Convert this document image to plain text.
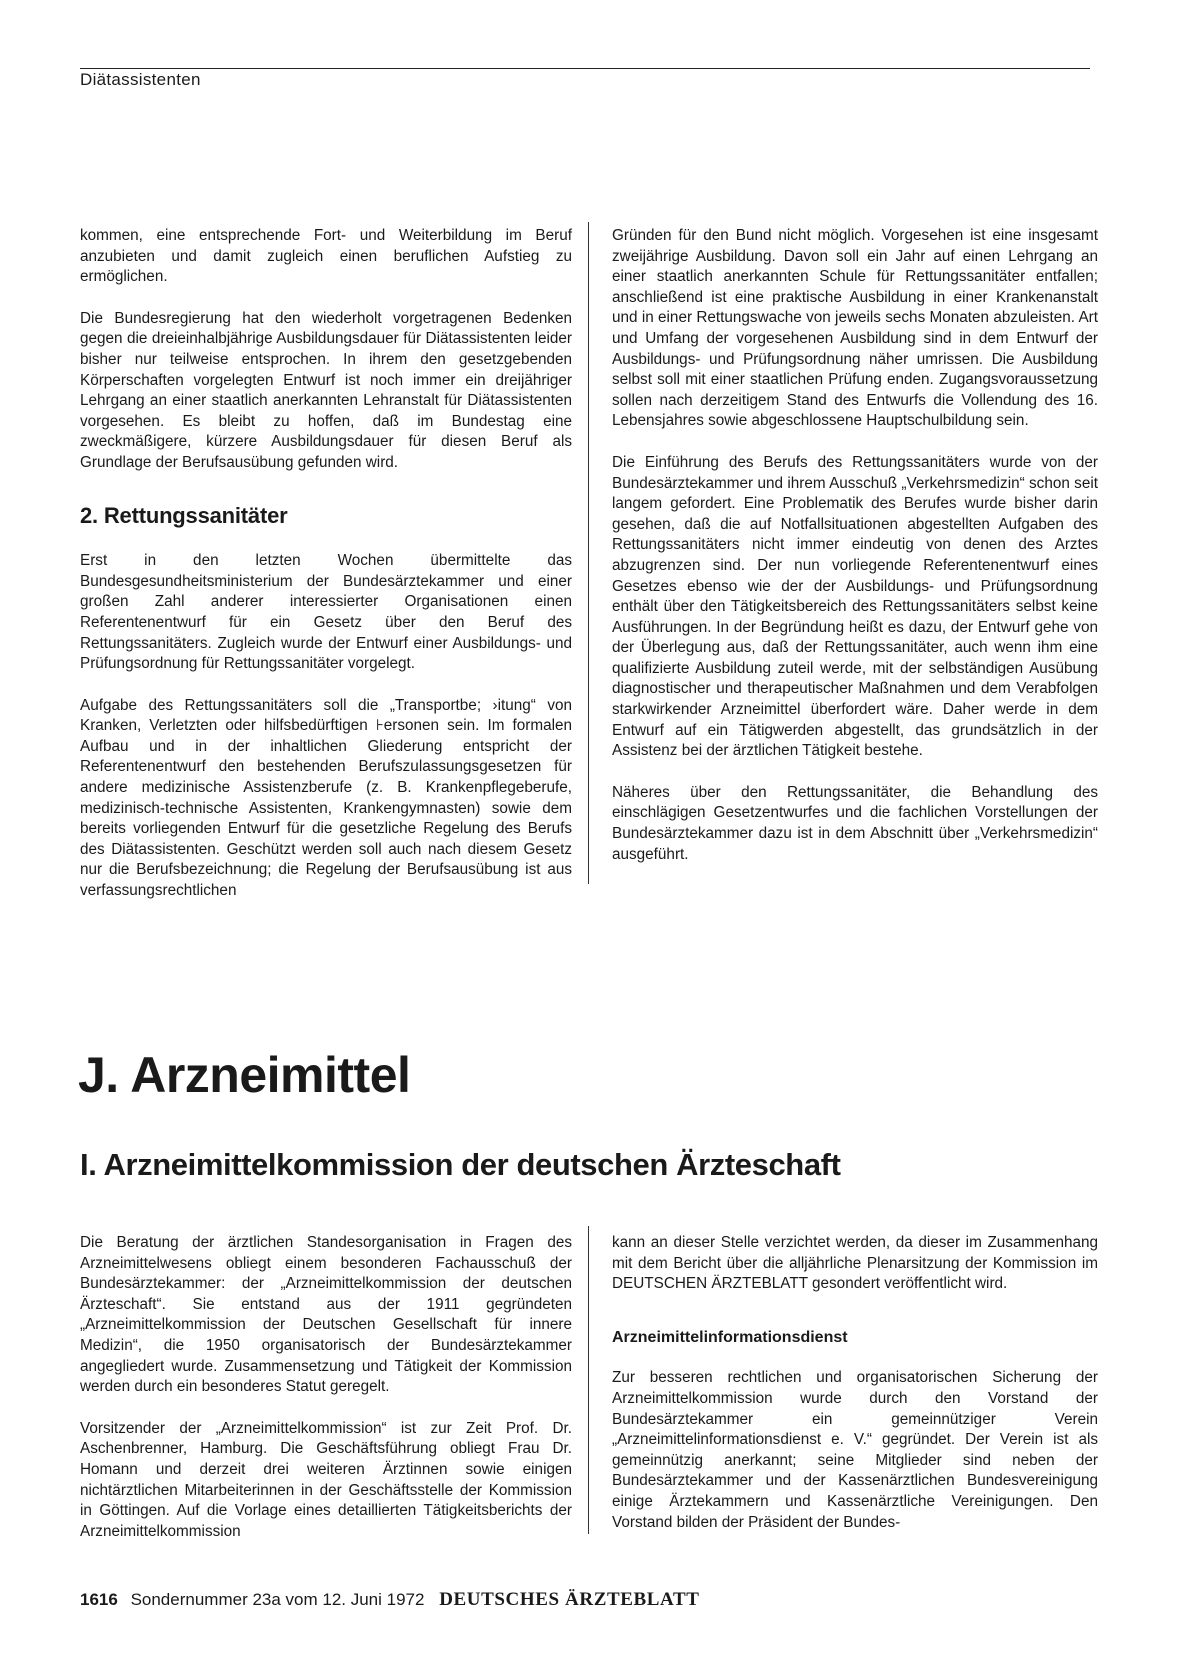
Diätassistenten

kommen, eine entsprechende Fort- und Weiterbildung im Beruf anzubieten und damit zugleich einen beruflichen Aufstieg zu ermöglichen.

Die Bundesregierung hat den wiederholt vorgetragenen Bedenken gegen die dreieinhalbjährige Ausbildungsdauer für Diätassistenten leider bisher nur teilweise entsprochen. In ihrem den gesetzgebenden Körperschaften vorgelegten Entwurf ist noch immer ein dreijähriger Lehrgang an einer staatlich anerkannten Lehranstalt für Diätassistenten vorgesehen. Es bleibt zu hoffen, daß im Bundestag eine zweckmäßigere, kürzere Ausbildungsdauer für diesen Beruf als Grundlage der Berufsausübung gefunden wird.

2. Rettungssanitäter

Erst in den letzten Wochen übermittelte das Bundesgesundheitsministerium der Bundesärztekammer und einer großen Zahl anderer interessierter Organisationen einen Referentenentwurf für ein Gesetz über den Beruf des Rettungssanitäters. Zugleich wurde der Entwurf einer Ausbildungs- und Prüfungsordnung für Rettungssanitäter vorgelegt.

Aufgabe des Rettungssanitäters soll die „Transportbe; ›itung“ von Kranken, Verletzten oder hilfsbedürftigen ⊦ersonen sein. Im formalen Aufbau und in der inhaltlichen Gliederung entspricht der Referentenentwurf den bestehenden Berufszulassungsgesetzen für andere medizinische Assistenzberufe (z. B. Krankenpflegeberufe, medizinisch-technische Assistenten, Krankengymnasten) sowie dem bereits vorliegenden Entwurf für die gesetzliche Regelung des Berufs des Diätassistenten. Geschützt werden soll auch nach diesem Gesetz nur die Berufsbezeichnung; die Regelung der Berufsausübung ist aus verfassungsrechtlichen

Gründen für den Bund nicht möglich. Vorgesehen ist eine insgesamt zweijährige Ausbildung. Davon soll ein Jahr auf einen Lehrgang an einer staatlich anerkannten Schule für Rettungssanitäter entfallen; anschließend ist eine praktische Ausbildung in einer Krankenanstalt und in einer Rettungswache von jeweils sechs Monaten abzuleisten. Art und Umfang der vorgesehenen Ausbildung sind in dem Entwurf der Ausbildungs- und Prüfungsordnung näher umrissen. Die Ausbildung selbst soll mit einer staatlichen Prüfung enden. Zugangsvoraussetzung sollen nach derzeitigem Stand des Entwurfs die Vollendung des 16. Lebensjahres sowie abgeschlossene Hauptschulbildung sein.

Die Einführung des Berufs des Rettungssanitäters wurde von der Bundesärztekammer und ihrem Ausschuß „Verkehrsmedizin“ schon seit langem gefordert. Eine Problematik des Berufes wurde bisher darin gesehen, daß die auf Notfallsituationen abgestellten Aufgaben des Rettungssanitäters nicht immer eindeutig von denen des Arztes abzugrenzen sind. Der nun vorliegende Referentenentwurf eines Gesetzes ebenso wie der der Ausbildungs- und Prüfungsordnung enthält über den Tätigkeitsbereich des Rettungssanitäters selbst keine Ausführungen. In der Begründung heißt es dazu, der Entwurf gehe von der Überlegung aus, daß der Rettungssanitäter, auch wenn ihm eine qualifizierte Ausbildung zuteil werde, mit der selbständigen Ausübung diagnostischer und therapeutischer Maßnahmen und dem Verabfolgen starkwirkender Arzneimittel überfordert wäre. Daher werde in dem Entwurf auf ein Tätigwerden abgestellt, das grundsätzlich in der Assistenz bei der ärztlichen Tätigkeit bestehe.

Näheres über den Rettungssanitäter, die Behandlung des einschlägigen Gesetzentwurfes und die fachlichen Vorstellungen der Bundesärztekammer dazu ist in dem Abschnitt über „Verkehrsmedizin“ ausgeführt.

J. Arzneimittel
I. Arzneimittelkommission der deutschen Ärzteschaft

Die Beratung der ärztlichen Standesorganisation in Fragen des Arzneimittelwesens obliegt einem besonderen Fachausschuß der Bundesärztekammer: der „Arzneimittelkommission der deutschen Ärzteschaft“. Sie entstand aus der 1911 gegründeten „Arzneimittelkommission der Deutschen Gesellschaft für innere Medizin“, die 1950 organisatorisch der Bundesärztekammer angegliedert wurde. Zusammensetzung und Tätigkeit der Kommission werden durch ein besonderes Statut geregelt.

Vorsitzender der „Arzneimittelkommission“ ist zur Zeit Prof. Dr. Aschenbrenner, Hamburg. Die Geschäftsführung obliegt Frau Dr. Homann und derzeit drei weiteren Ärztinnen sowie einigen nichtärztlichen Mitarbeiterinnen in der Geschäftsstelle der Kommission in Göttingen. Auf die Vorlage eines detaillierten Tätigkeitsberichts der Arzneimittelkommission

kann an dieser Stelle verzichtet werden, da dieser im Zusammenhang mit dem Bericht über die alljährliche Plenarsitzung der Kommission im DEUTSCHEN ÄRZTEBLATT gesondert veröffentlicht wird.

Arzneimittelinformationsdienst

Zur besseren rechtlichen und organisatorischen Sicherung der Arzneimittelkommission wurde durch den Vorstand der Bundesärztekammer ein gemeinnütziger Verein „Arzneimittelinformationsdienst e. V.“ gegründet. Der Verein ist als gemeinnützig anerkannt; seine Mitglieder sind neben der Bundesärztekammer und der Kassenärztlichen Bundesvereinigung einige Ärztekammern und Kassenärztliche Vereinigungen. Den Vorstand bilden der Präsident der Bundes-

1616 Sondernummer 23a vom 12. Juni 1972 DEUTSCHES ÄRZTEBLATT
